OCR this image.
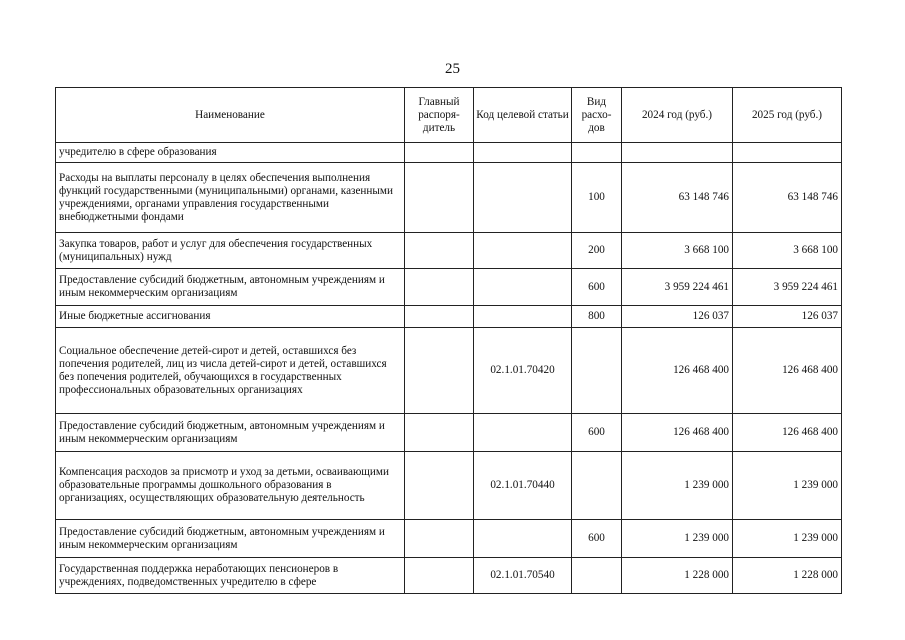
25
Наименование	Главный распоря-дитель	Код целевой статьи	Вид расхо-дов	2024 год (руб.)	2025 год (руб.)
учредителю в сфере образования					
Расходы на выплаты персоналу в целях обеспечения выполнения функций государственными (муниципальными) органами, казенными учреждениями, органами управления государственными внебюджетными фондами			100	63 148 746	63 148 746
Закупка товаров, работ и услуг для обеспечения государственных (муниципальных) нужд			200	3 668 100	3 668 100
Предоставление субсидий бюджетным, автономным учреждениям и иным некоммерческим организациям			600	3 959 224 461	3 959 224 461
Иные бюджетные ассигнования			800	126 037	126 037
Социальное обеспечение детей-сирот и детей, оставшихся без попечения родителей, лиц из числа детей-сирот и детей, оставшихся без попечения родителей, обучающихся в государственных профессиональных образовательных организациях		02.1.01.70420		126 468 400	126 468 400
Предоставление субсидий бюджетным, автономным учреждениям и иным некоммерческим организациям			600	126 468 400	126 468 400
Компенсация расходов за присмотр и уход за детьми, осваивающими образовательные программы дошкольного образования в организациях, осуществляющих образовательную деятельность		02.1.01.70440		1 239 000	1 239 000
Предоставление субсидий бюджетным, автономным учреждениям и иным некоммерческим организациям			600	1 239 000	1 239 000
Государственная поддержка неработающих пенсионеров в учреждениях, подведомственных учредителю в сфере		02.1.01.70540		1 228 000	1 228 000
